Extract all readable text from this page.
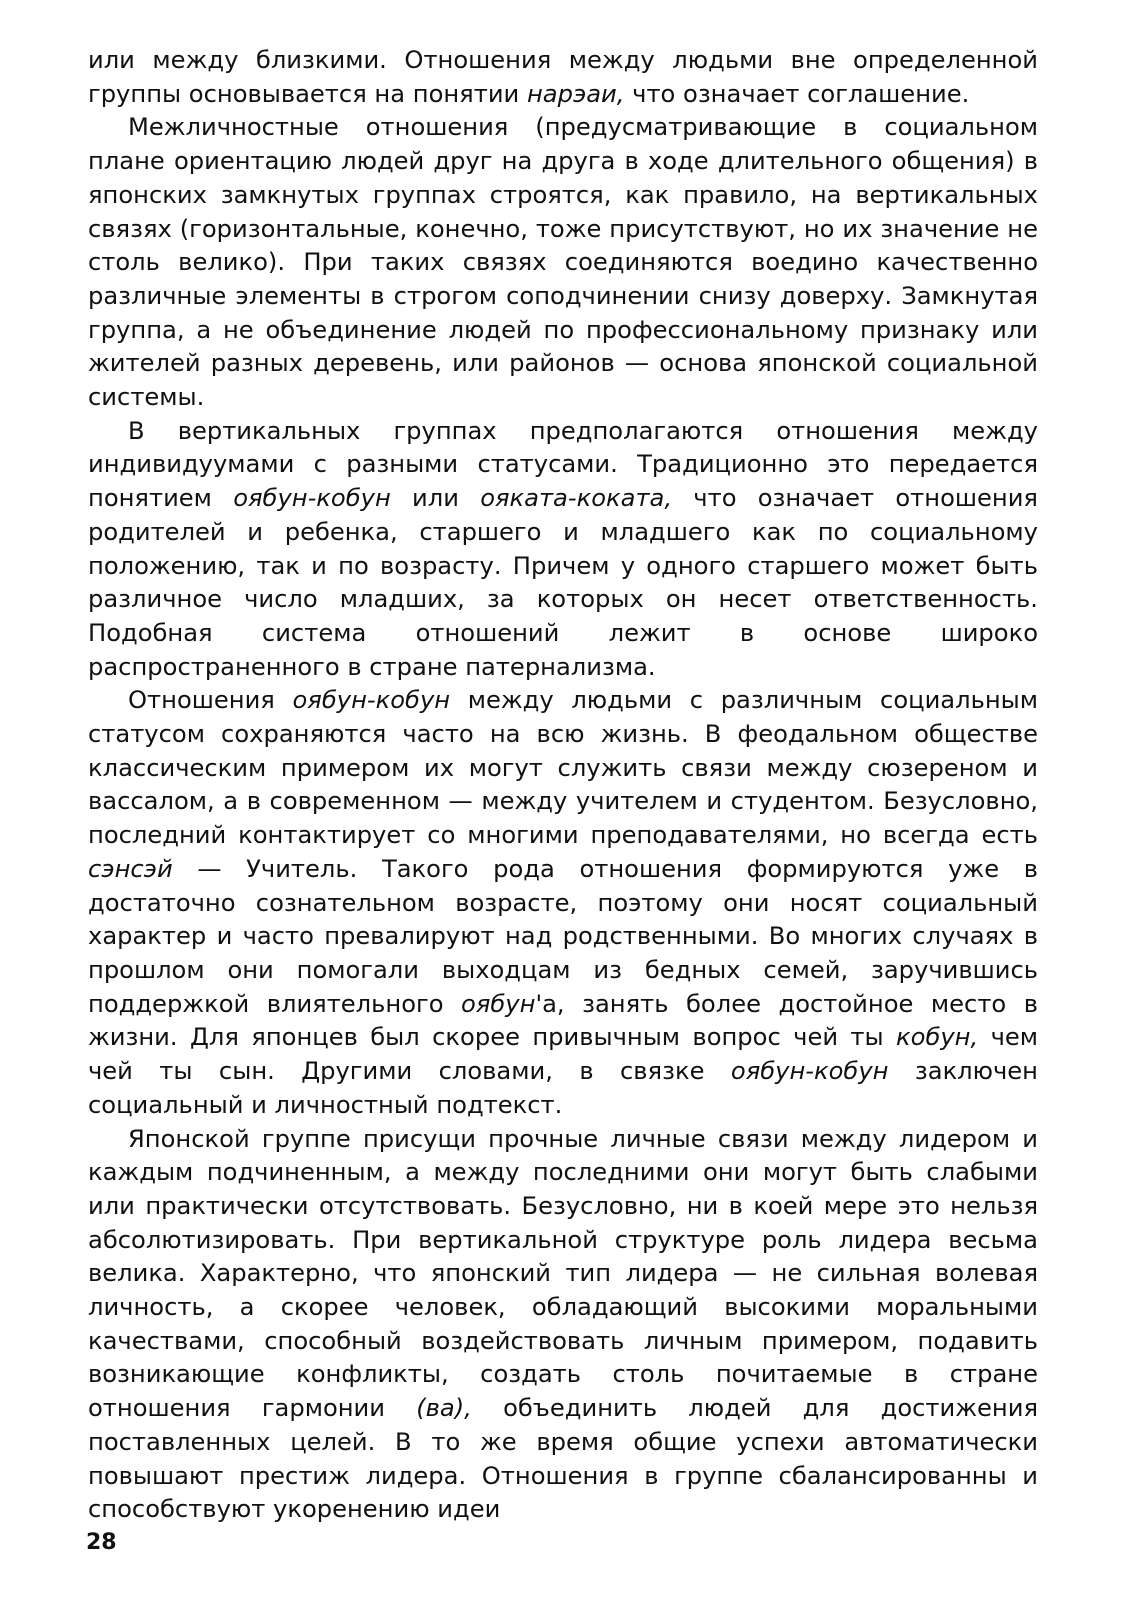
или между близкими. Отношения между людьми вне определенной группы основывается на понятии нарэаи, что означает соглашение.

Межличностные отношения (предусматривающие в социальном плане ориентацию людей друг на друга в ходе длительного общения) в японских замкнутых группах строятся, как правило, на вертикальных связях (горизонтальные, конечно, тоже присутствуют, но их значение не столь велико). При таких связях соединяются воедино качественно различные элементы в строгом соподчинении снизу доверху. Замкнутая группа, а не объединение людей по профессиональному признаку или жителей разных деревень, или районов — основа японской социальной системы.

В вертикальных группах предполагаются отношения между индивидуумами с разными статусами. Традиционно это передается понятием оябун-кобун или ояката-коката, что означает отношения родителей и ребенка, старшего и младшего как по социальному положению, так и по возрасту. Причем у одного старшего может быть различное число младших, за которых он несет ответственность. Подобная система отношений лежит в основе широко распространенного в стране патернализма.

Отношения оябун-кобун между людьми с различным социальным статусом сохраняются часто на всю жизнь. В феодальном обществе классическим примером их могут служить связи между сюзереном и вассалом, а в современном — между учителем и студентом. Безусловно, последний контактирует со многими преподавателями, но всегда есть сэнсэй — Учитель. Такого рода отношения формируются уже в достаточно сознательном возрасте, поэтому они носят социальный характер и часто превалируют над родственными. Во многих случаях в прошлом они помогали выходцам из бедных семей, заручившись поддержкой влиятельного оябун'а, занять более достойное место в жизни. Для японцев был скорее привычным вопрос чей ты кобун, чем чей ты сын. Другими словами, в связке оябун-кобун заключен социальный и личностный подтекст.

Японской группе присущи прочные личные связи между лидером и каждым подчиненным, а между последними они могут быть слабыми или практически отсутствовать. Безусловно, ни в коей мере это нельзя абсолютизировать. При вертикальной структуре роль лидера весьма велика. Характерно, что японский тип лидера — не сильная волевая личность, а скорее человек, обладающий высокими моральными качествами, способный воздействовать личным примером, подавить возникающие конфликты, создать столь почитаемые в стране отношения гармонии (ва), объединить людей для достижения поставленных целей. В то же время общие успехи автоматически повышают престиж лидера. Отношения в группе сбалансированны и способствуют укоренению идеи

28
